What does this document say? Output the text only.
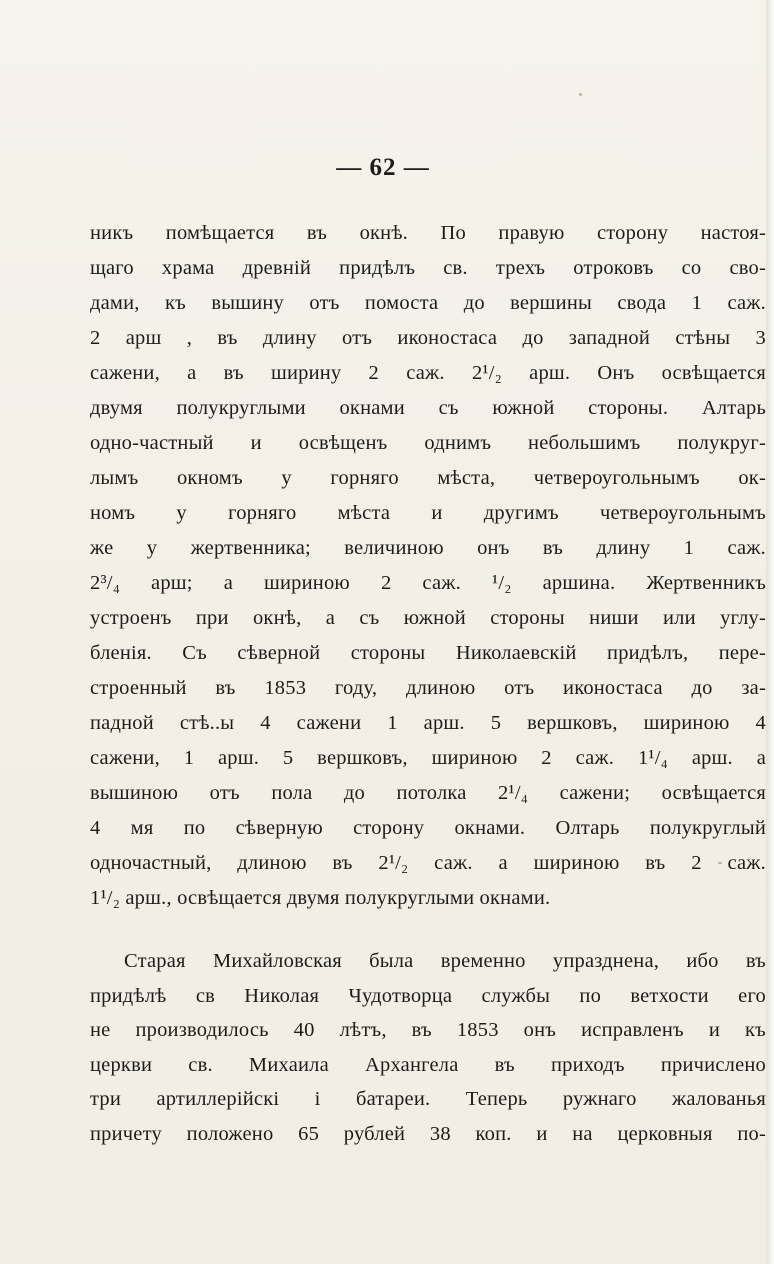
— 62 —
никъ помѣщается въ окнѣ. По правую сторону настоя-
щаго храма древній придѣлъ св. трехъ отроковъ со сво-
дами, къ вышину отъ помоста до вершины свода 1 саж.
2 арш , въ длину отъ иконостаса до западной стѣны 3
сажени, а въ ширину 2 саж. 2¹/₂ арш. Онъ освѣщается
двумя полукруглыми окнами съ южной стороны. Алтарь
одно-частный и освѣщенъ однимъ небольшимъ полукруг-
лымъ окномъ у горняго мѣста, четвероугольнымъ ок-
номъ у горняго мѣста и другимъ четвероугольнымъ
же у жертвенника; величиною онъ въ длину 1 саж.
2³/₄ арш; а шириною 2 саж. ¹/₂ аршина. Жертвенникъ
устроенъ при окнѣ, а съ южной стороны ниши или углу-
бленія. Съ сѣверной стороны Николаевскій придѣлъ, пере-
строенный въ 1853 году, длиною отъ иконостаса до за-
падной стѣ..ы 4 сажени 1 арш. 5 вершковъ, шириною 4
сажени, 1 арш. 5 вершковъ, шириною 2 саж. 1¹/₄ арш. а
вышиною отъ пола до потолка 2¹/₄ сажени; освѣщается
4 мя по сѣверную сторону окнами. Олтарь полукруглый
одночастный, длиною въ 2¹/₂ саж. а шириною въ 2 саж.
1¹/₂ арш., освѣщается двумя полукруглыми окнами.
Старая Михайловская была временно упразднена, ибо въ
придѣлѣ св Николая Чудотворца службы по ветхости его
не производилось 40 лѣтъ, въ 1853 онъ исправленъ и къ
церкви св. Михаила Архангела въ приходъ причислено
три артиллерійскі і батареи. Теперь ружнаго жалованья
причету положено 65 рублей 38 коп. и на церковныя по-
